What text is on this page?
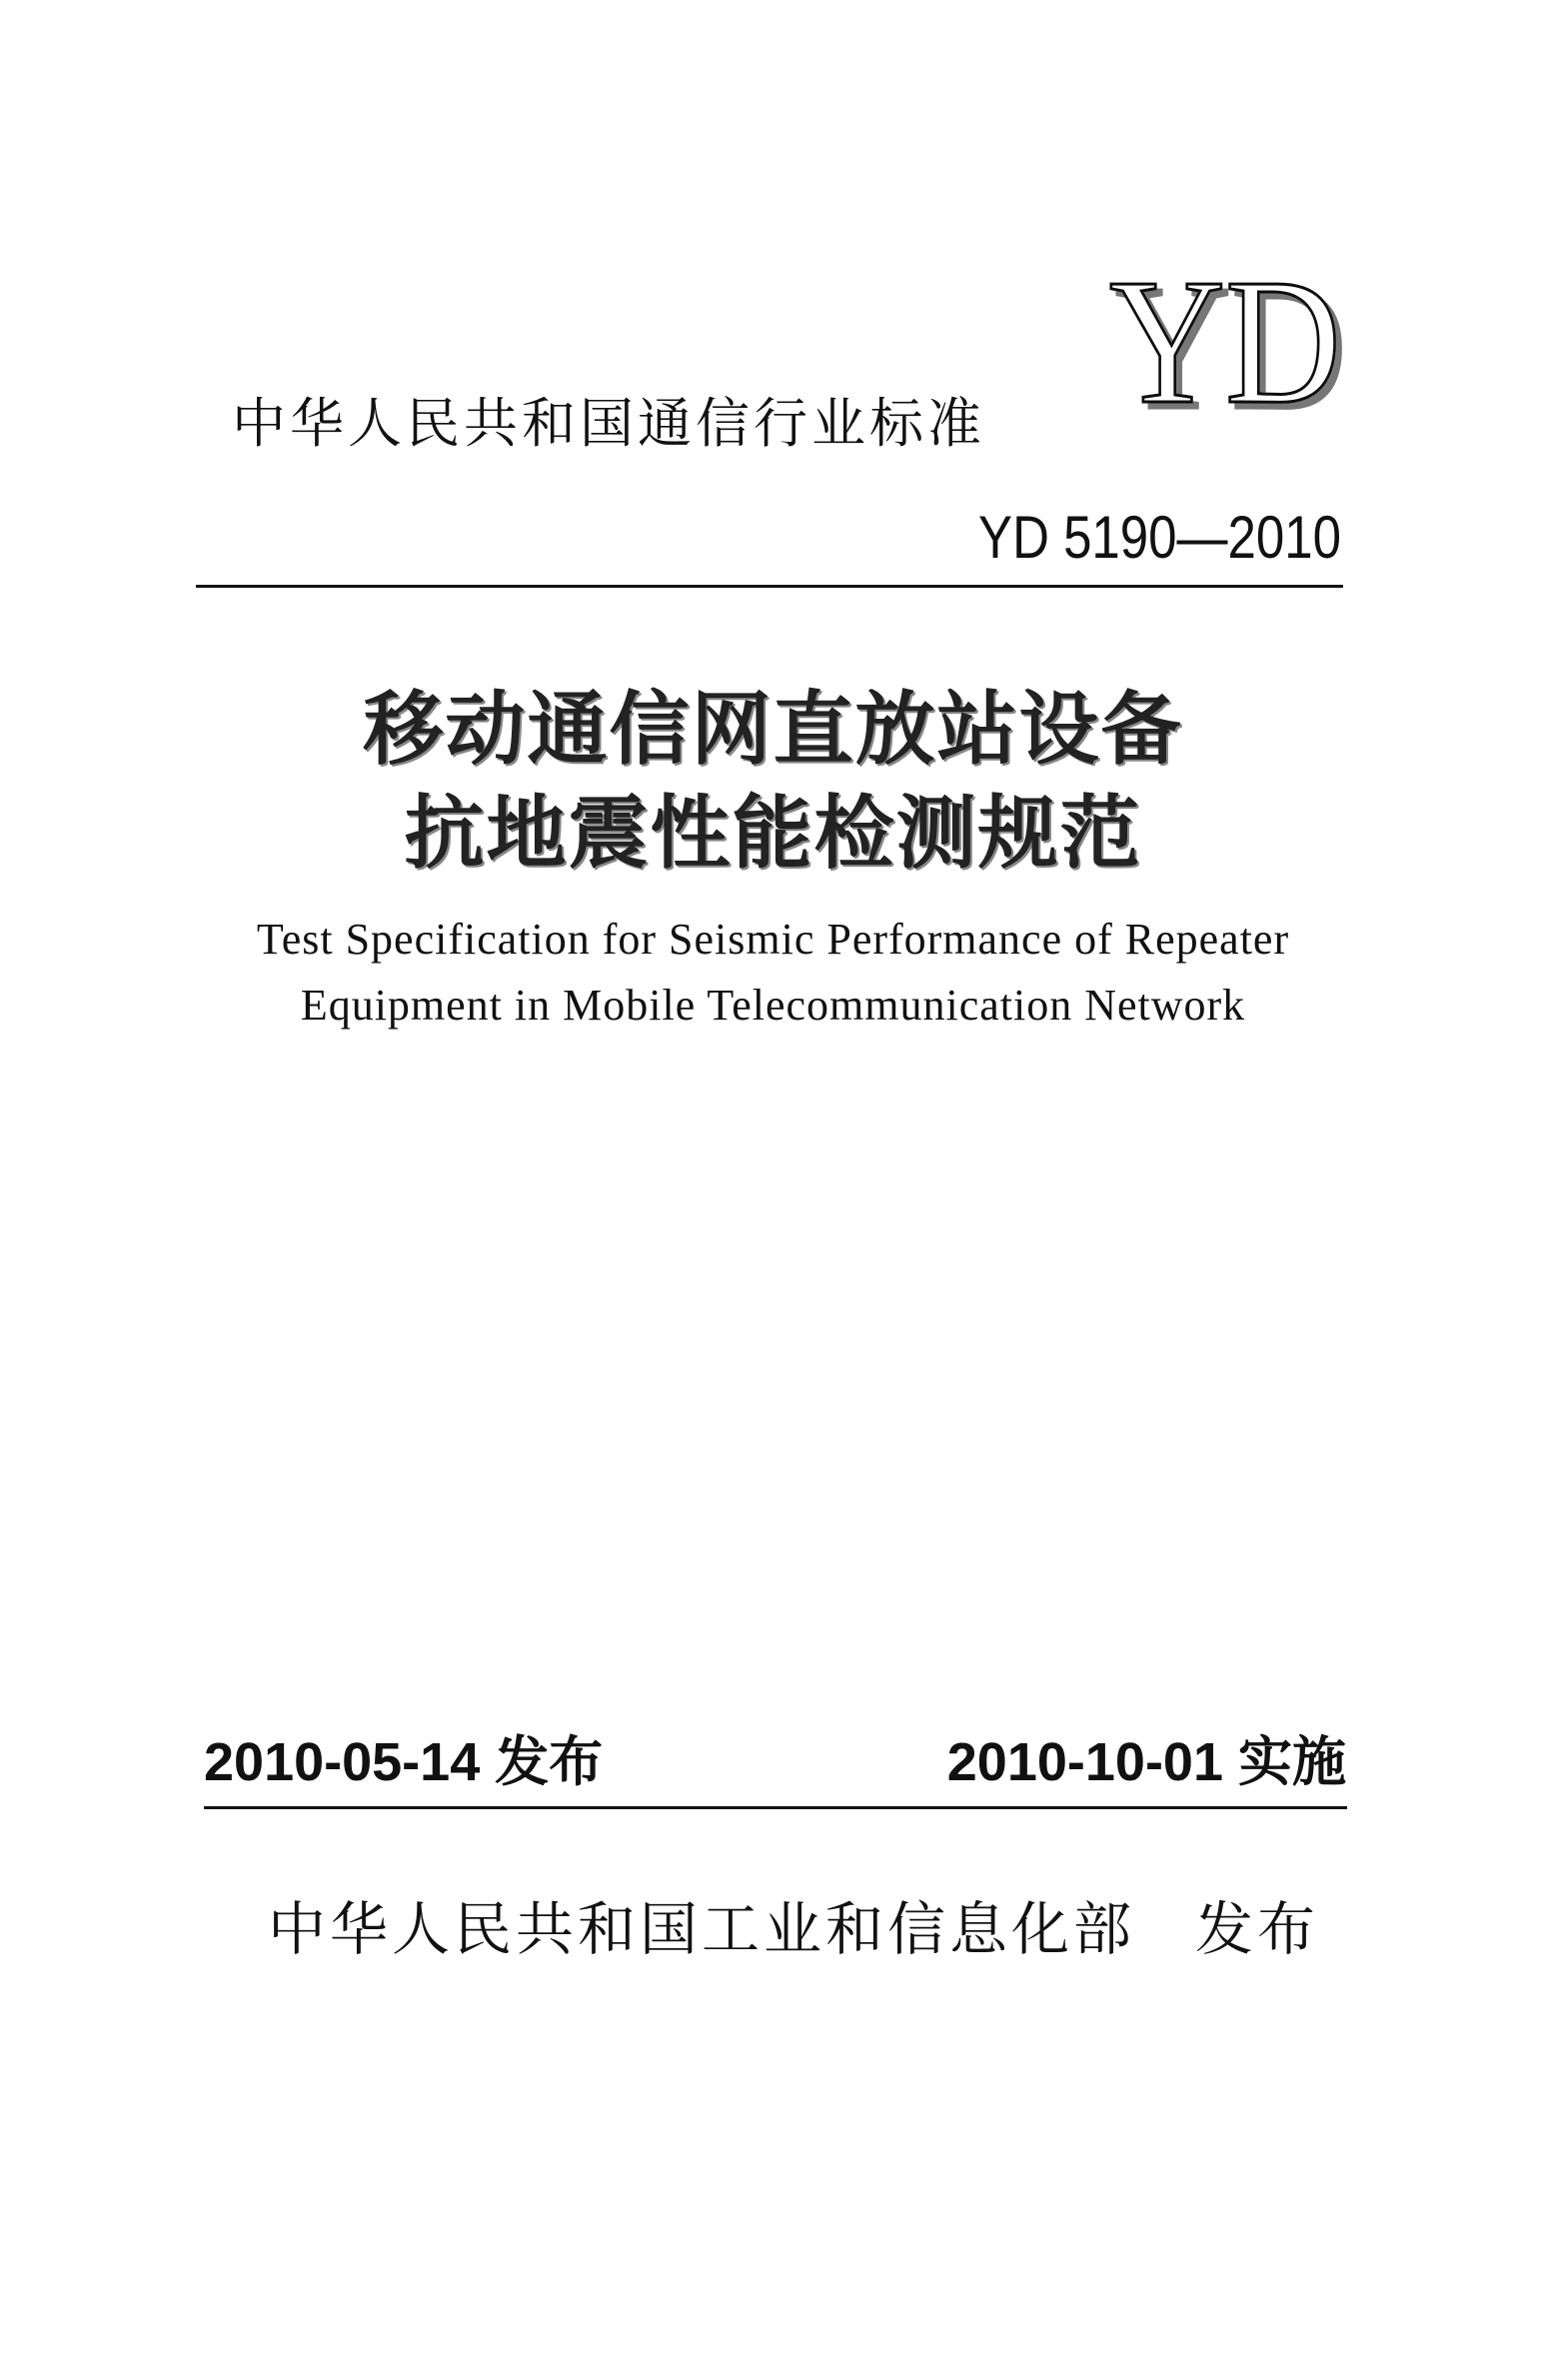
中华人民共和国通信行业标准 YD
YD 5190—2010
移动通信网直放站设备
抗地震性能检测规范
Test Specification for Seismic Performance of Repeater
Equipment in Mobile Telecommunication Network
2010-05-14 发布	2010-10-01 实施
中华人民共和国工业和信息化部 发布
